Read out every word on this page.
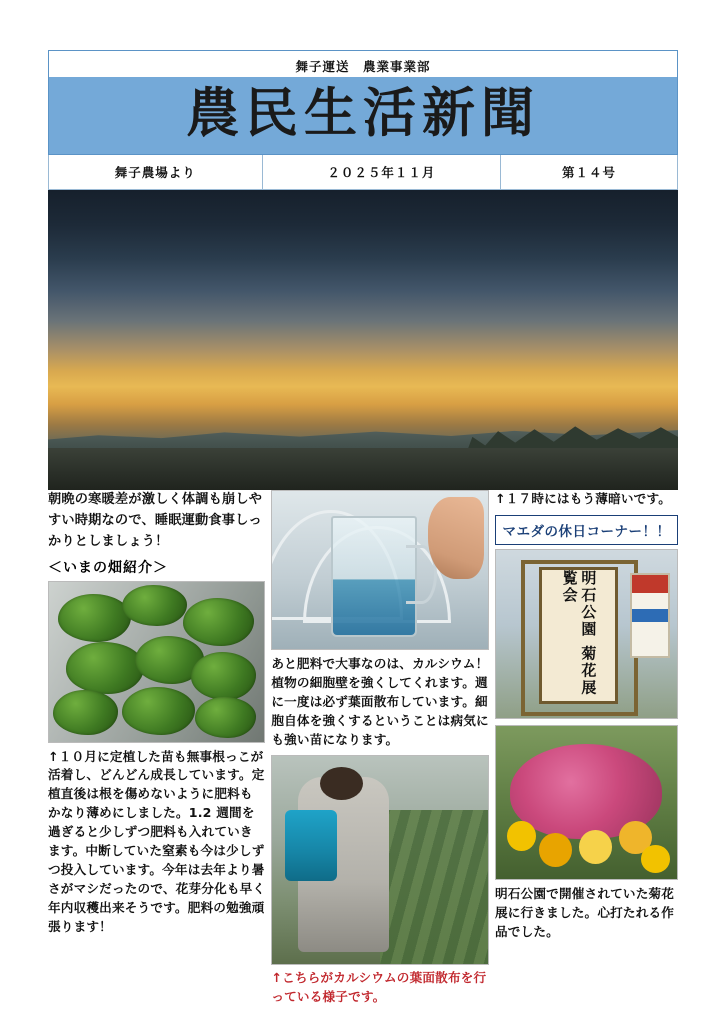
舞子運送　農業事業部
農民生活新聞
舞子農場より	２０２５年１１月	第１４号
朝晩の寒暖差が激しく体調も崩しやすい時期なので、睡眠運動食事しっかりとしましょう！
＜いまの畑紹介＞
↑１０月に定植した苗も無事根っこが活着し、どんどん成長しています。定植直後は根を傷めないように肥料もかなり薄めにしました。1.2 週間を過ぎると少しずつ肥料も入れていきます。中断していた窒素も今は少しずつ投入しています。今年は去年より暑さがマシだったので、花芽分化も早く年内収穫出来そうです。肥料の勉強頑張ります！
あと肥料で大事なのは、カルシウム！植物の細胞壁を強くしてくれます。週に一度は必ず葉面散布しています。細胞自体を強くするということは病気にも強い苗になります。
↑こちらがカルシウムの葉面散布を行っている様子です。
↑１７時にはもう薄暗いです。
マエダの休日コーナー！！
明石公園 菊花展覧会
明石公園で開催されていた菊花展に行きました。心打たれる作品でした。
